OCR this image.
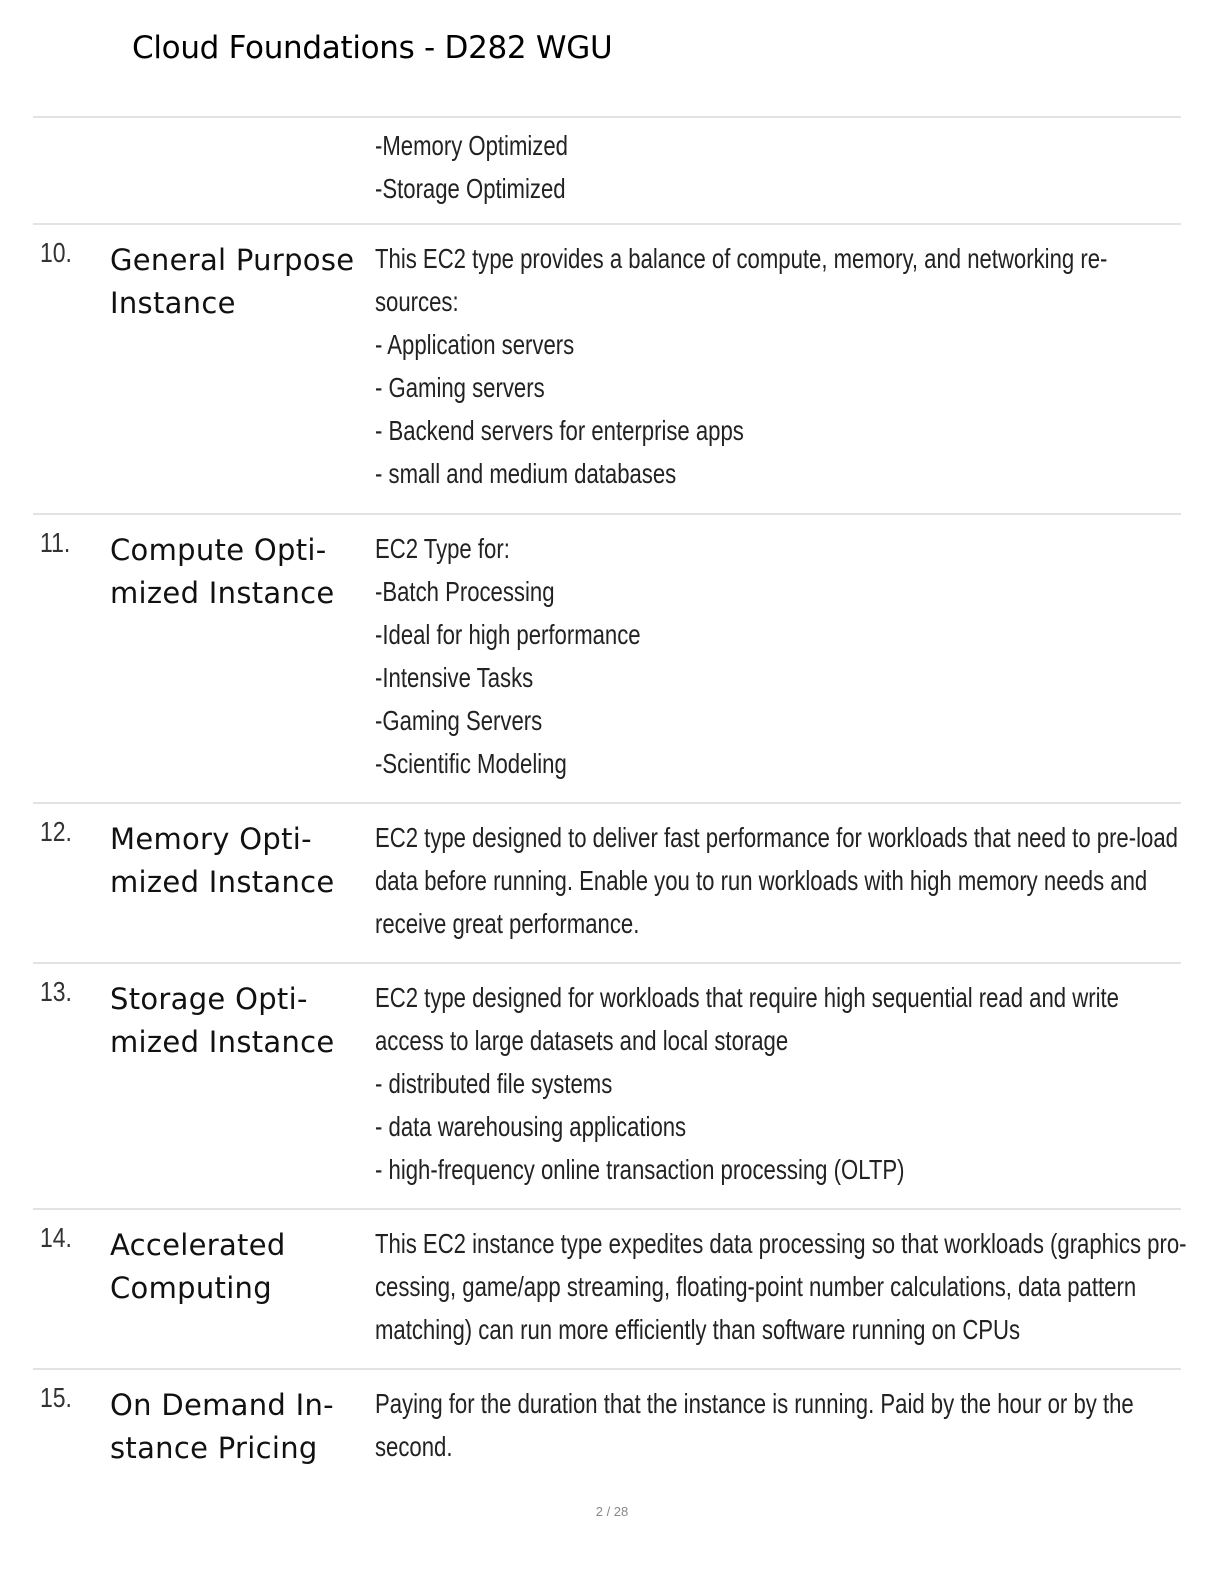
Cloud Foundations - D282 WGU
-Memory Optimized
-Storage Optimized
10. General Purpose Instance
This EC2 type provides a balance of compute, memory, and networking re-
sources:
- Application servers
- Gaming servers
- Backend servers for enterprise apps
- small and medium databases
11. Compute Opti- mized Instance
EC2 Type for:
-Batch Processing
-Ideal for high performance
-Intensive Tasks
-Gaming Servers
-Scientific Modeling
12. Memory Opti- mized Instance
EC2 type designed to deliver fast performance for workloads that need to pre-load
data before running. Enable you to run workloads with high memory needs and
receive great performance.
13. Storage Opti- mized Instance
EC2 type designed for workloads that require high sequential read and write
access to large datasets and local storage
- distributed file systems
- data warehousing applications
- high-frequency online transaction processing (OLTP)
14. Accelerated Computing
This EC2 instance type expedites data processing so that workloads (graphics pro-
cessing, game/app streaming, floating-point number calculations, data pattern
matching) can run more efficiently than software running on CPUs
15. On Demand In- stance Pricing
Paying for the duration that the instance is running. Paid by the hour or by the
second.
2 / 28
